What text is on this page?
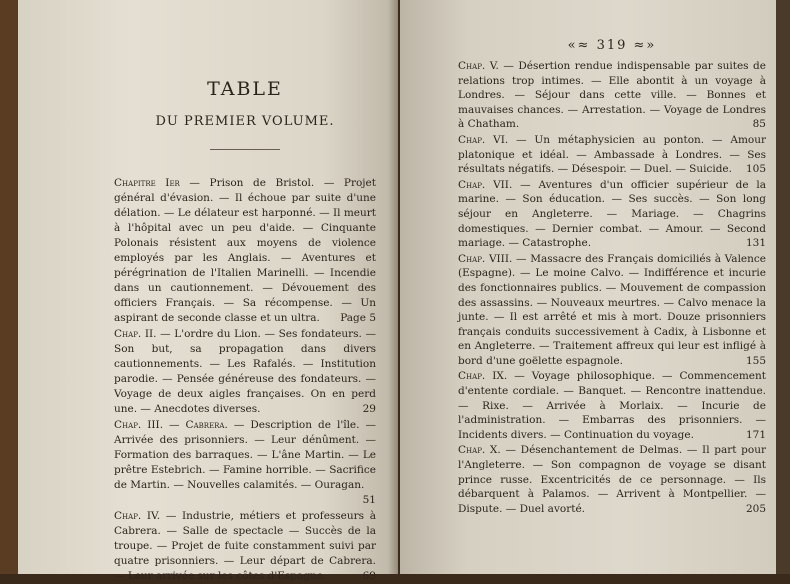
TABLE
DU PREMIER VOLUME.
Chapitre Ier — Prison de Bristol. — Projet général d'évasion. — Il échoue par suite d'une délation. — Le délateur est harponné. — Il meurt à l'hôpital avec un peu d'aide. — Cinquante Polonais résistent aux moyens de violence employés par les Anglais. — Aventures et pérégrination de l'Italien Marinelli. — Incendie dans un cautionnement. — Dévouement des officiers Français. — Sa récompense. — Un aspirant de seconde classe et un ultra. Page 5
Chap. II. — L'ordre du Lion. — Ses fondateurs. — Son but, sa propagation dans divers cautionnements. — Les Rafalés. — Institution parodie. — Pensée généreuse des fondateurs. — Voyage de deux aigles françaises. On en perd une. — Anecdotes diverses.	29
Chap. III. — Cabrera. — Description de l'île. — Arrivée des prisonniers. — Leur dénûment. — Formation des barraques. — L'âne Martin. — Le prêtre Estebrich. — Famine horrible. — Sacrifice de Martin. — Nouvelles calamités. — Ouragan.
51
Chap. IV. — Industrie, métiers et professeurs à Cabrera. — Salle de spectacle — Succès de la troupe. — Projet de fuite constamment suivi par quatre prisonniers. — Leur départ de Cabrera. — Leur arrivée sur les côtes d'Espagne.	69
«≈ 319 ≈»
Chap. V. — Désertion rendue indispensable par suites de relations trop intimes. — Elle abontit à un voyage à Londres. — Séjour dans cette ville. — Bonnes et mauvaises chances. — Arrestation. — Voyage de Londres à Chatham.	85
Chap. VI. — Un métaphysicien au ponton. — Amour platonique et idéal. — Ambassade à Londres. — Ses résultats négatifs. — Désespoir. — Duel. — Suicide. 105
Chap. VII. — Aventures d'un officier supérieur de la marine. — Son éducation. — Ses succès. — Son long séjour en Angleterre. — Mariage. — Chagrins domestiques. — Dernier combat. — Amour. — Second mariage. — Catastrophe.	131
Chap. VIII. — Massacre des Français domiciliés à Valence (Espagne). — Le moine Calvo. — Indifférence et incurie des fonctionnaires publics. — Mouvement de compassion des assassins. — Nouveaux meurtres. — Calvo menace la junte. — Il est arrêté et mis à mort. Douze prisonniers français conduits successivement à Cadix, à Lisbonne et en Angleterre. — Traitement affreux qui leur est infligé à bord d'une goëlette espagnole.	155
Chap. IX. — Voyage philosophique. — Commencement d'entente cordiale. — Banquet. — Rencontre inattendue. — Rixe. — Arrivée à Morlaix. — Incurie de l'administration. — Embarras des prisonniers. — Incidents divers. — Continuation du voyage.	171
Chap. X. — Désenchantement de Delmas. — Il part pour l'Angleterre. — Son compagnon de voyage se disant prince russe. Excentricités de ce personnage. — Ils débarquent à Palamos. — Arrivent à Montpellier. — Dispute. — Duel avorté.	205
